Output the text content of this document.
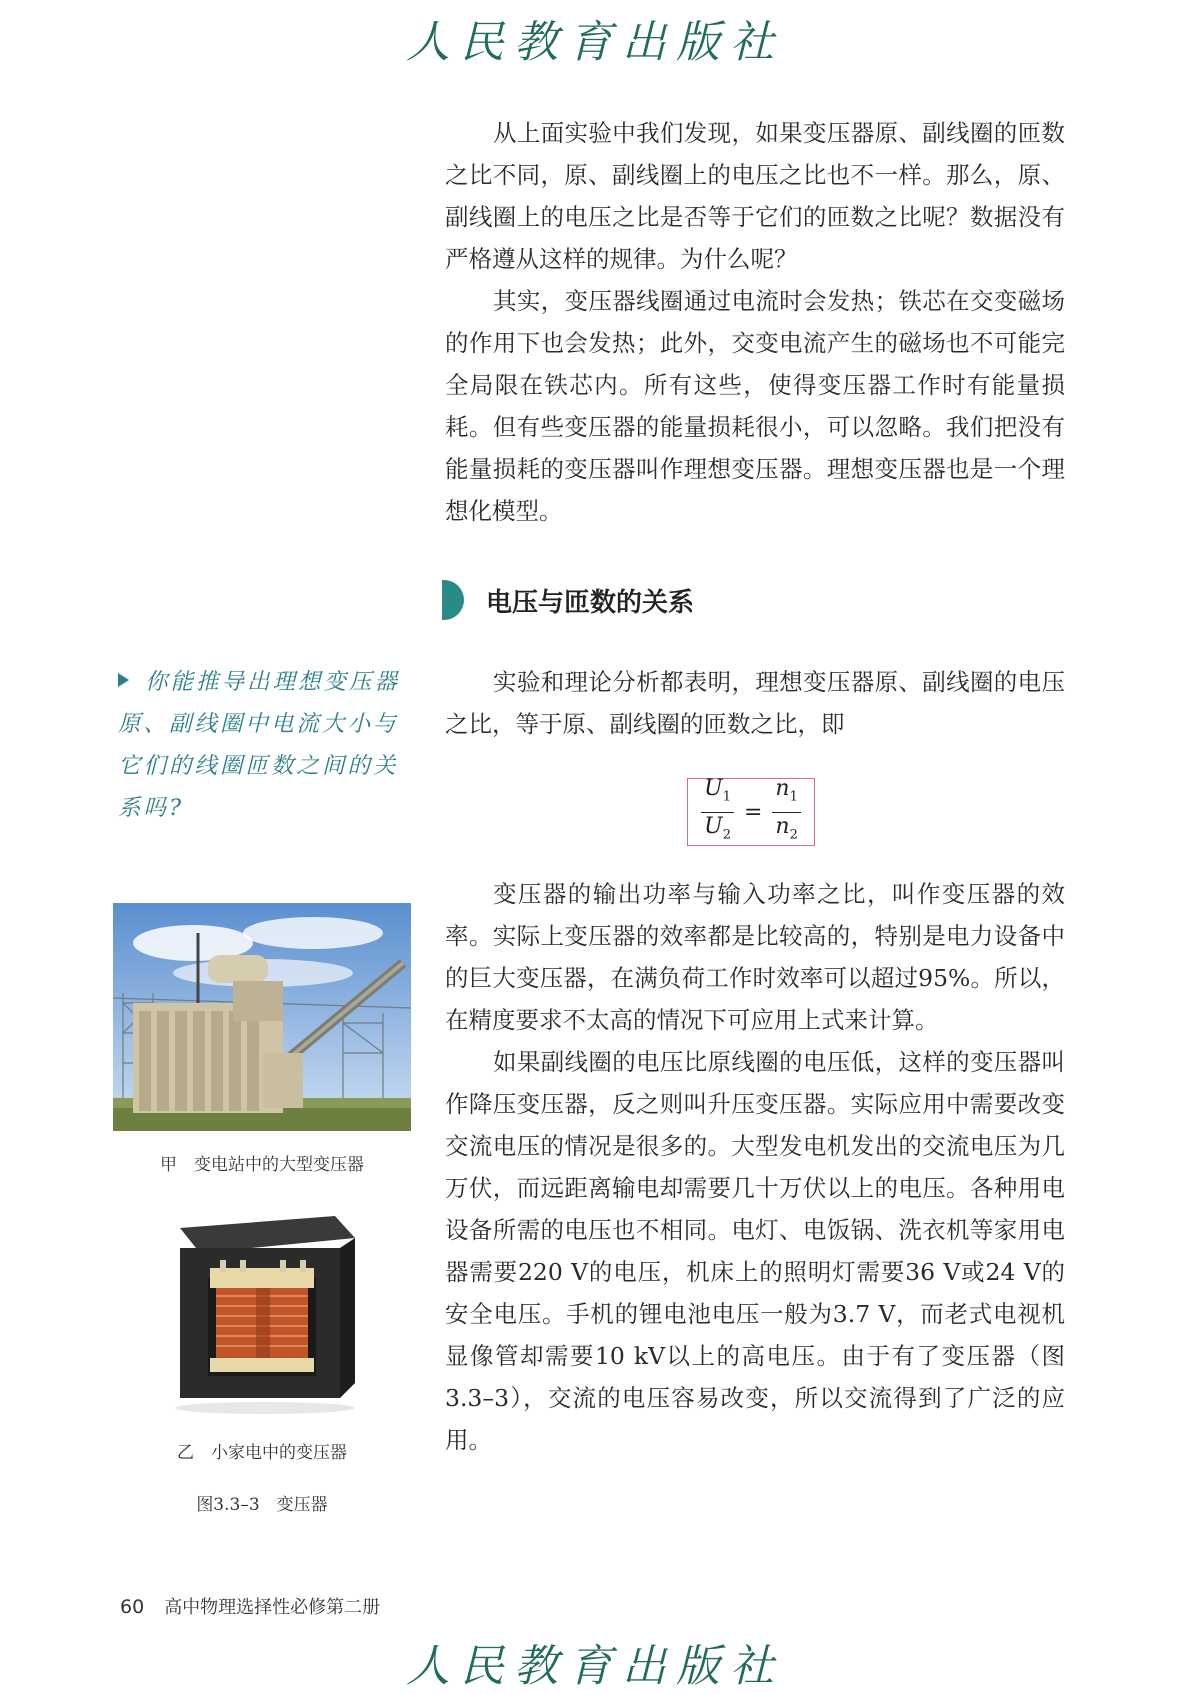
人民教育出版社

从上面实验中我们发现，如果变压器原、副线圈的匝数之比不同，原、副线圈上的电压之比也不一样。那么，原、副线圈上的电压之比是否等于它们的匝数之比呢？数据没有严格遵从这样的规律。为什么呢？

其实，变压器线圈通过电流时会发热；铁芯在交变磁场的作用下也会发热；此外，交变电流产生的磁场也不可能完全局限在铁芯内。所有这些，使得变压器工作时有能量损耗。但有些变压器的能量损耗很小，可以忽略。我们把没有能量损耗的变压器叫作理想变压器。理想变压器也是一个理想化模型。

电压与匝数的关系

实验和理论分析都表明，理想变压器原、副线圈的电压之比，等于原、副线圈的匝数之比，即

$\frac{U_1}{U_2} = \frac{n_1}{n_2}$

变压器的输出功率与输入功率之比，叫作变压器的效率。实际上变压器的效率都是比较高的，特别是电力设备中的巨大变压器，在满负荷工作时效率可以超过95%。所以，在精度要求不太高的情况下可应用上式来计算。

如果副线圈的电压比原线圈的电压低，这样的变压器叫作降压变压器，反之则叫升压变压器。实际应用中需要改变交流电压的情况是很多的。大型发电机发出的交流电压为几万伏，而远距离输电却需要几十万伏以上的电压。各种用电设备所需的电压也不相同。电灯、电饭锅、洗衣机等家用电器需要220 V的电压，机床上的照明灯需要36 V或24 V的安全电压。手机的锂电池电压一般为3.7 V，而老式电视机显像管却需要10 kV以上的高电压。由于有了变压器（图3.3–3），交流的电压容易改变，所以交流得到了广泛的应用。

你能推导出理想变压器原、副线圈中电流大小与它们的线圈匝数之间的关系吗?
甲　变电站中的大型变压器
乙　小家电中的变压器
图3.3–3　变压器
60 高中物理选择性必修第二册
人民教育出版社
